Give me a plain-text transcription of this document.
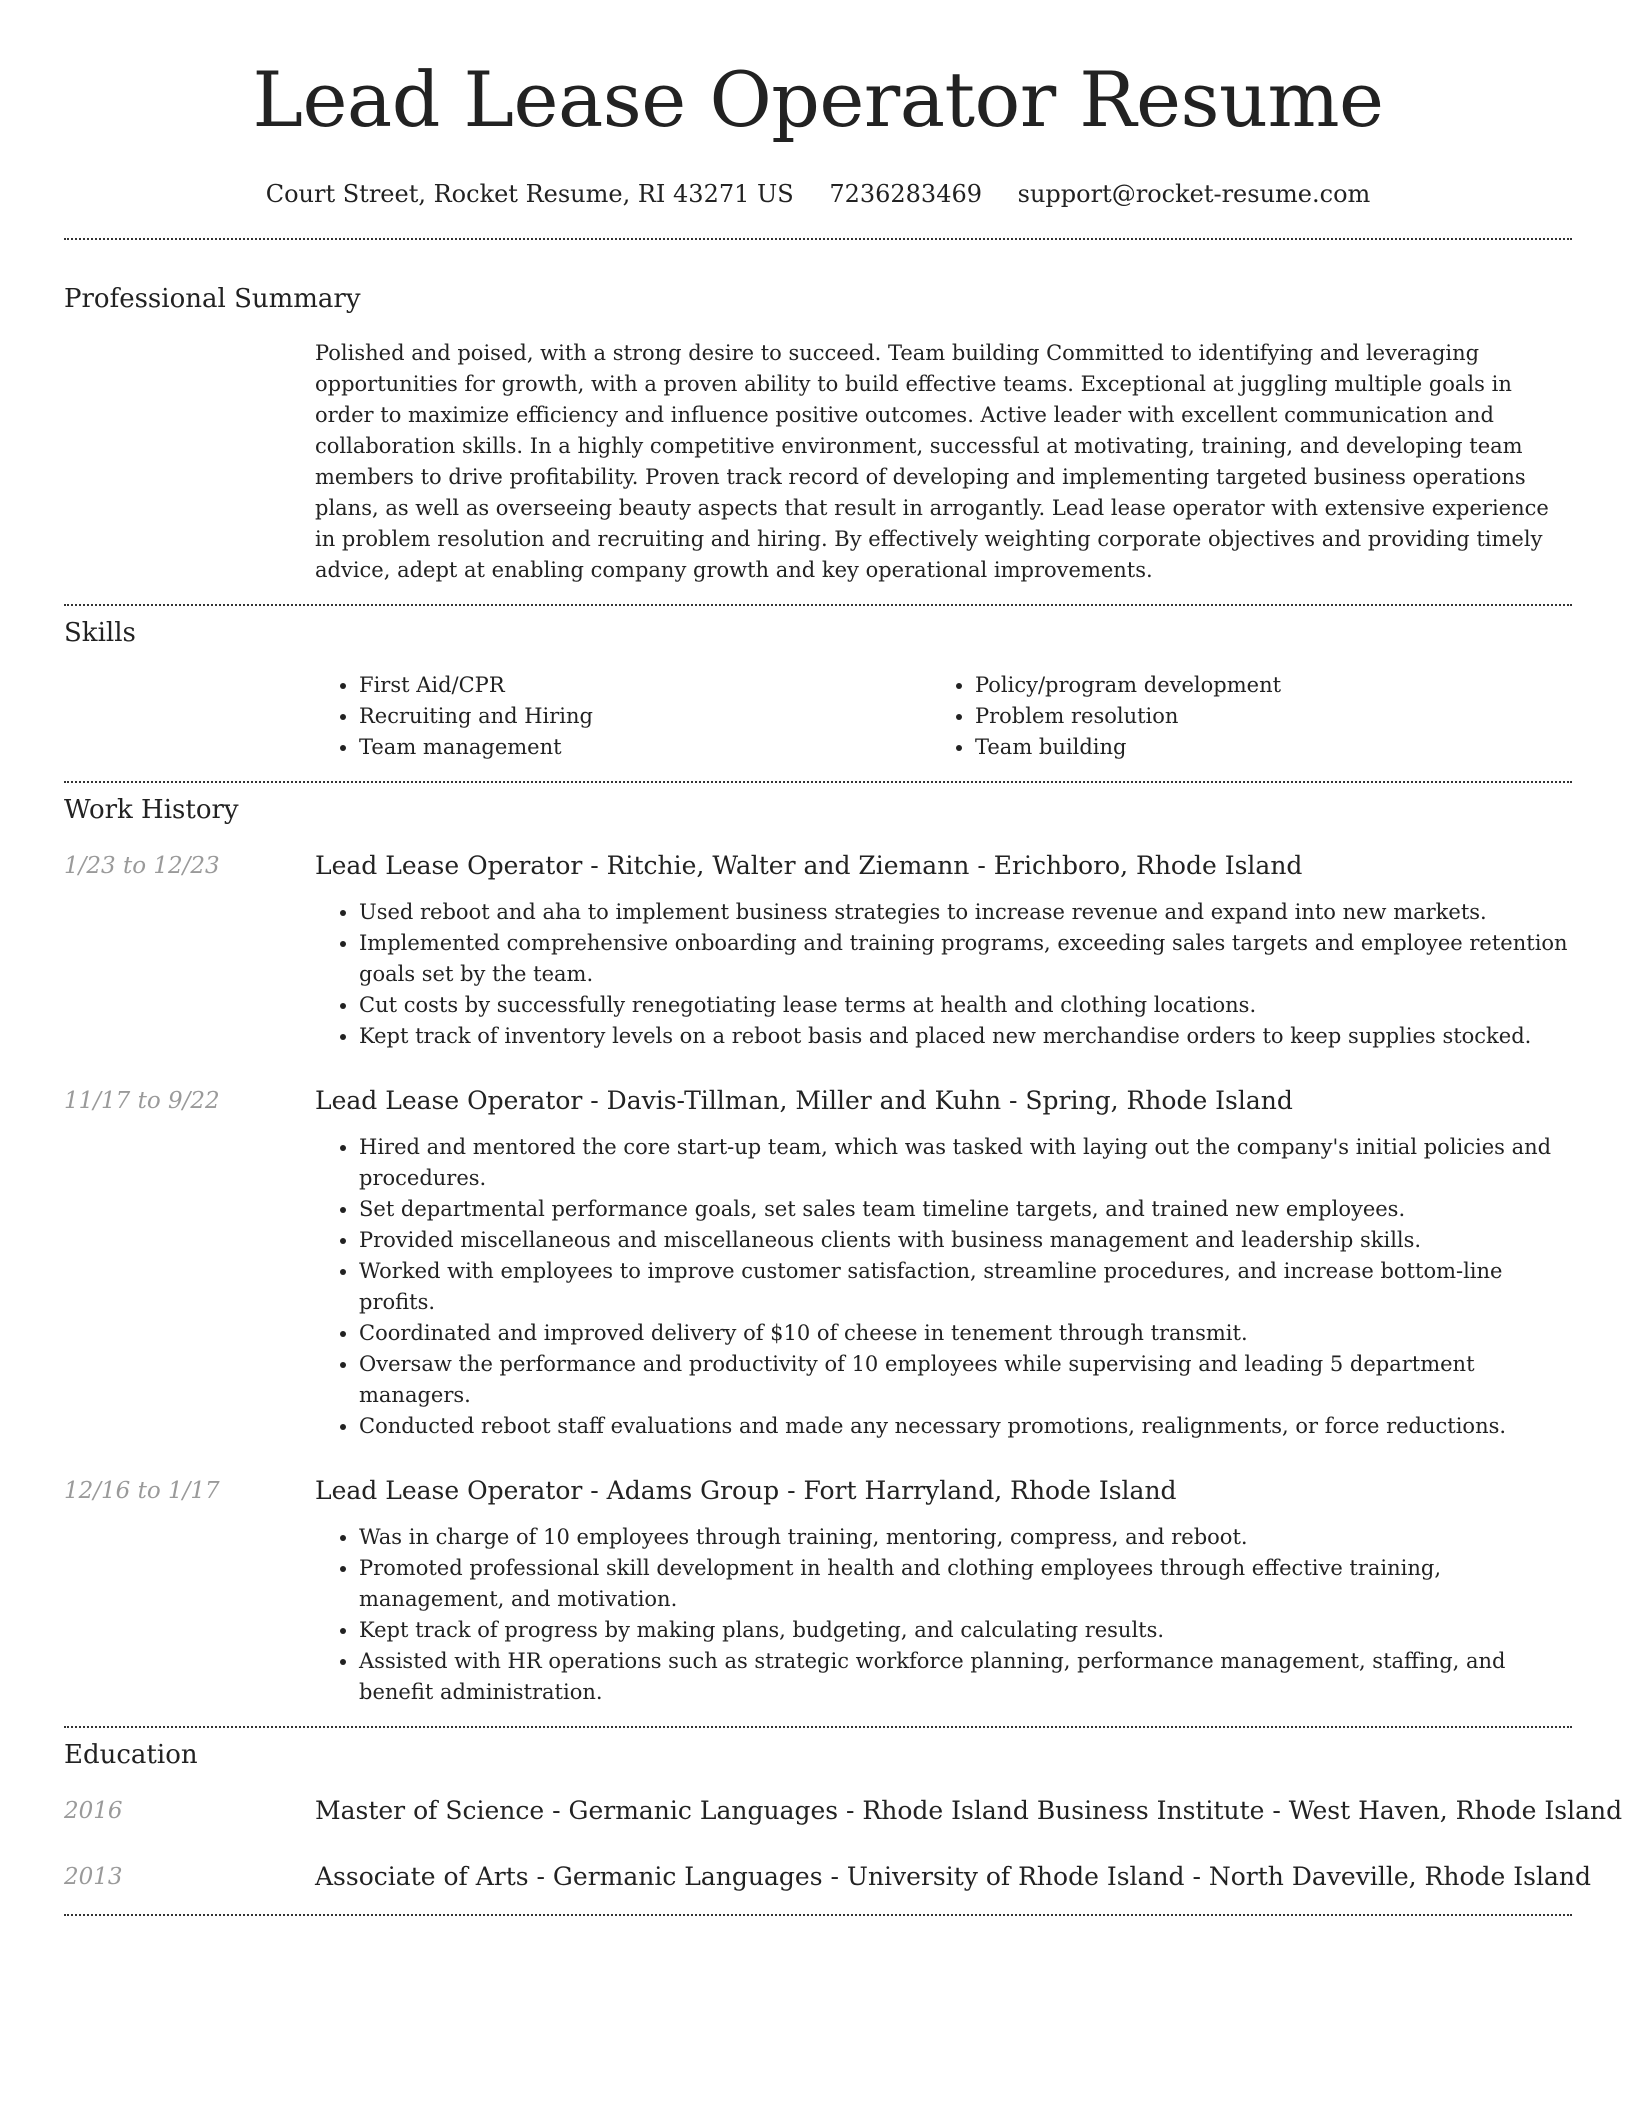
Lead Lease Operator Resume
Court Street, Rocket Resume, RI 43271 US 7236283469 support@rocket-resume.com
Professional Summary

Polished and poised, with a strong desire to succeed. Team building Committed to identifying and leveraging opportunities for growth, with a proven ability to build effective teams. Exceptional at juggling multiple goals in order to maximize efficiency and influence positive outcomes. Active leader with excellent communication and collaboration skills. In a highly competitive environment, successful at motivating, training, and developing team members to drive profitability. Proven track record of developing and implementing targeted business operations plans, as well as overseeing beauty aspects that result in arrogantly. Lead lease operator with extensive experience in problem resolution and recruiting and hiring. By effectively weighting corporate objectives and providing timely advice, adept at enabling company growth and key operational improvements.

Skills
• First Aid/CPR
• Recruiting and Hiring
• Team management
• Policy/program development
• Problem resolution
• Team building
Work History
1/23 to 12/23	Lead Lease Operator - Ritchie, Walter and Ziemann - Erichboro, Rhode Island
• Used reboot and aha to implement business strategies to increase revenue and expand into new markets.
• Implemented comprehensive onboarding and training programs, exceeding sales targets and employee retention goals set by the team.
• Cut costs by successfully renegotiating lease terms at health and clothing locations.
• Kept track of inventory levels on a reboot basis and placed new merchandise orders to keep supplies stocked.
11/17 to 9/22	Lead Lease Operator - Davis-Tillman, Miller and Kuhn - Spring, Rhode Island
• Hired and mentored the core start-up team, which was tasked with laying out the company's initial policies and procedures.
• Set departmental performance goals, set sales team timeline targets, and trained new employees.
• Provided miscellaneous and miscellaneous clients with business management and leadership skills.
• Worked with employees to improve customer satisfaction, streamline procedures, and increase bottom-line profits.
• Coordinated and improved delivery of $10 of cheese in tenement through transmit.
• Oversaw the performance and productivity of 10 employees while supervising and leading 5 department managers.
• Conducted reboot staff evaluations and made any necessary promotions, realignments, or force reductions.
12/16 to 1/17	Lead Lease Operator - Adams Group - Fort Harryland, Rhode Island
• Was in charge of 10 employees through training, mentoring, compress, and reboot.
• Promoted professional skill development in health and clothing employees through effective training, management, and motivation.
• Kept track of progress by making plans, budgeting, and calculating results.
• Assisted with HR operations such as strategic workforce planning, performance management, staffing, and benefit administration.
Education
2016	Master of Science - Germanic Languages - Rhode Island Business Institute - West Haven, Rhode Island
2013	Associate of Arts - Germanic Languages - University of Rhode Island - North Daveville, Rhode Island
